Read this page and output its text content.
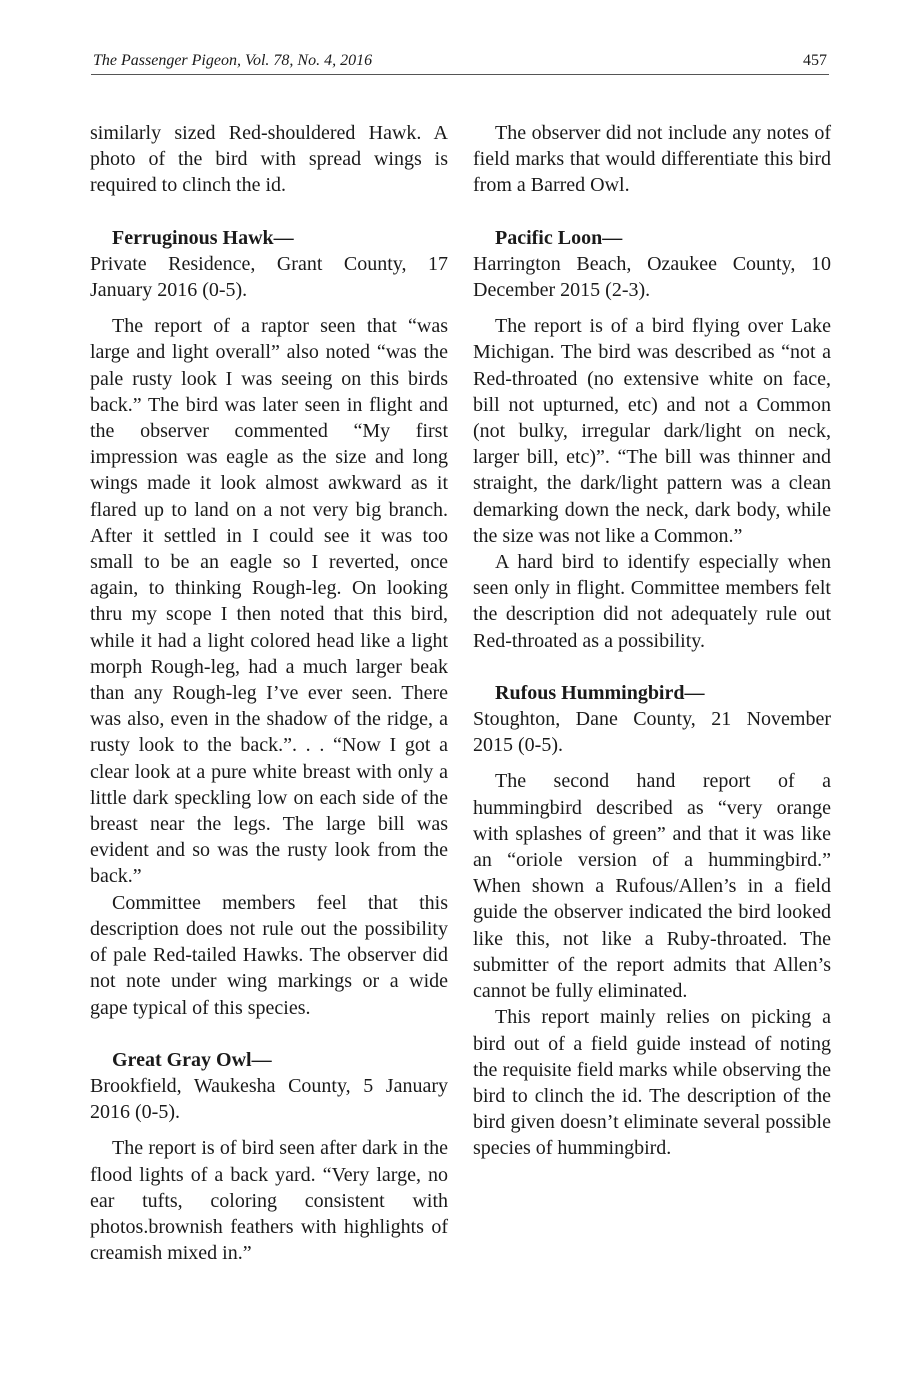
The Passenger Pigeon, Vol. 78, No. 4, 2016	457

similarly sized Red-shouldered Hawk. A photo of the bird with spread wings is required to clinch the id.

Ferruginous Hawk—
Private Residence, Grant County, 17 January 2016 (0-5).

The report of a raptor seen that “was large and light overall” also noted “was the pale rusty look I was seeing on this birds back.” The bird was later seen in flight and the observer commented “My first impression was eagle as the size and long wings made it look almost awkward as it flared up to land on a not very big branch. After it settled in I could see it was too small to be an eagle so I reverted, once again, to thinking Rough-leg. On looking thru my scope I then noted that this bird, while it had a light colored head like a light morph Rough-leg, had a much larger beak than any Rough-leg I’ve ever seen. There was also, even in the shadow of the ridge, a rusty look to the back.”. . . “Now I got a clear look at a pure white breast with only a little dark speckling low on each side of the breast near the legs. The large bill was evident and so was the rusty look from the back.”

Committee members feel that this description does not rule out the possibility of pale Red-tailed Hawks. The observer did not note under wing markings or a wide gape typical of this species.

Great Gray Owl—
Brookfield, Waukesha County, 5 January 2016 (0-5).

The report is of bird seen after dark in the flood lights of a back yard. “Very large, no ear tufts, coloring consistent with photos.brownish feathers with highlights of creamish mixed in.”

The observer did not include any notes of field marks that would differentiate this bird from a Barred Owl.

Pacific Loon—
Harrington Beach, Ozaukee County, 10 December 2015 (2-3).

The report is of a bird flying over Lake Michigan. The bird was described as “not a Red-throated (no extensive white on face, bill not upturned, etc) and not a Common (not bulky, irregular dark/light on neck, larger bill, etc)”. “The bill was thinner and straight, the dark/light pattern was a clean demarking down the neck, dark body, while the size was not like a Common.”

A hard bird to identify especially when seen only in flight. Committee members felt the description did not adequately rule out Red-throated as a possibility.

Rufous Hummingbird—
Stoughton, Dane County, 21 November 2015 (0-5).

The second hand report of a hummingbird described as “very orange with splashes of green” and that it was like an “oriole version of a hummingbird.” When shown a Rufous/Allen’s in a field guide the observer indicated the bird looked like this, not like a Ruby-throated. The submitter of the report admits that Allen’s cannot be fully eliminated.

This report mainly relies on picking a bird out of a field guide instead of noting the requisite field marks while observing the bird to clinch the id. The description of the bird given doesn’t eliminate several possible species of hummingbird.
